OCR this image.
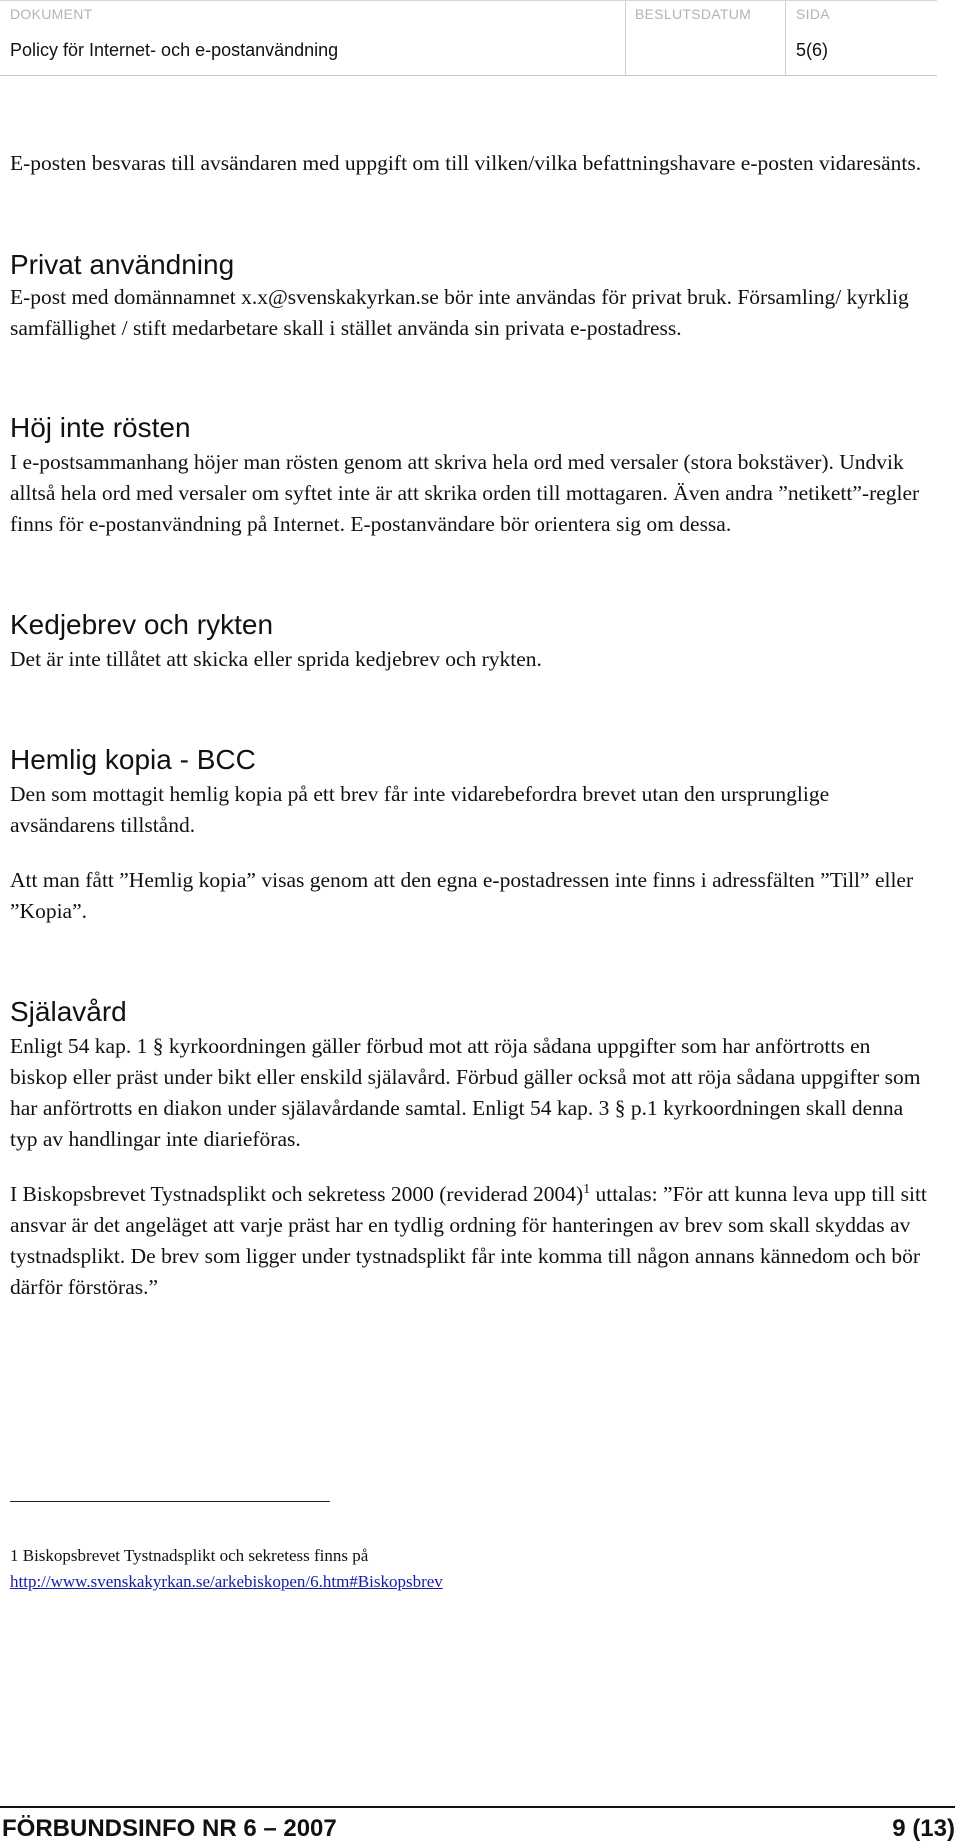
DOKUMENT
Policy för Internet- och e-postanvändning
BESLUTSDATUM	SIDA
5(6)

E-posten besvaras till avsändaren med uppgift om till vilken/vilka befattningshavare e-posten vidaresänts.

Privat användning

E-post med domännamnet x.x@svenskakyrkan.se bör inte användas för privat bruk. Församling/ kyrklig samfällighet / stift medarbetare skall i stället använda sin privata e-postadress.

Höj inte rösten

I e-postsammanhang höjer man rösten genom att skriva hela ord med versaler (stora bokstäver). Undvik alltså hela ord med versaler om syftet inte är att skrika orden till mottagaren. Även andra ”netikett”-regler finns för e-postanvändning på Internet. E-postanvändare bör orientera sig om dessa.

Kedjebrev och rykten

Det är inte tillåtet att skicka eller sprida kedjebrev och rykten.

Hemlig kopia - BCC

Den som mottagit hemlig kopia på ett brev får inte vidarebefordra brevet utan den ursprunglige avsändarens tillstånd.

Att man fått ”Hemlig kopia” visas genom att den egna e-postadressen inte finns i adressfälten ”Till” eller ”Kopia”.

Själavård

Enligt 54 kap. 1 § kyrkoordningen gäller förbud mot att röja sådana uppgifter som har anförtrotts en biskop eller präst under bikt eller enskild själavård. Förbud gäller också mot att röja sådana uppgifter som har anförtrotts en diakon under själavårdande samtal. Enligt 54 kap. 3 § p.1 kyrkoordningen skall denna typ av handlingar inte diarieföras.

I Biskopsbrevet Tystnadsplikt och sekretess 2000 (reviderad 2004)$^1$ uttalas: ”För att kunna leva upp till sitt ansvar är det angeläget att varje präst har en tydlig ordning för hanteringen av brev som skall skyddas av tystnadsplikt. De brev som ligger under tystnadsplikt får inte komma till någon annans kännedom och bör därför förstöras.”

1 Biskopsbrevet Tystnadsplikt och sekretess finns på
http://www.svenskakyrkan.se/arkebiskopen/6.htm#Biskopsbrev
FÖRBUNDSINFO NR 6 – 2007	9 (13)
